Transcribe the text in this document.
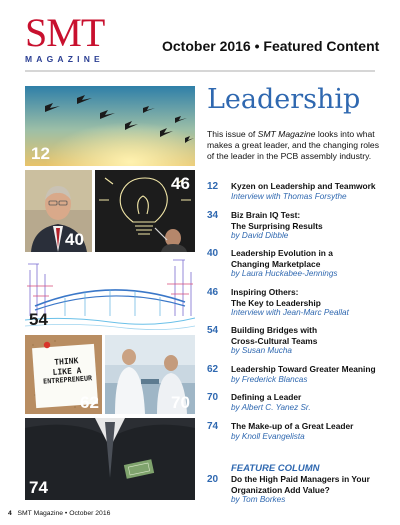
SMT
MAGAZINE
October 2016 • Featured Content
12
40
46
54
THINK
LIKE A
ENTREPRENEUR
62	70
74
Leadership
This issue of SMT Magazine looks into what makes a great leader, and the changing roles of the leader in the PCB assembly industry.
12 Kyzen on Leadership and Teamwork
Interview with Thomas Forsythe
34 Biz Brain IQ Test:
The Surprising Results
by David Dibble
40 Leadership Evolution in a
Changing Marketplace
by Laura Huckabee-Jennings
46 Inspiring Others:
The Key to Leadership
Interview with Jean-Marc Peallat
54 Building Bridges with
Cross-Cultural Teams
by Susan Mucha
62 Leadership Toward Greater Meaning
by Frederick Blancas
70 Defining a Leader
by Albert C. Yanez Sr.
74 The Make-up of a Great Leader
by Knoll Evangelista
FEATURE COLUMN
20 Do the High Paid Managers in Your
Organization Add Value?
by Tom Borkes
4 SMT Magazine • October 2016
